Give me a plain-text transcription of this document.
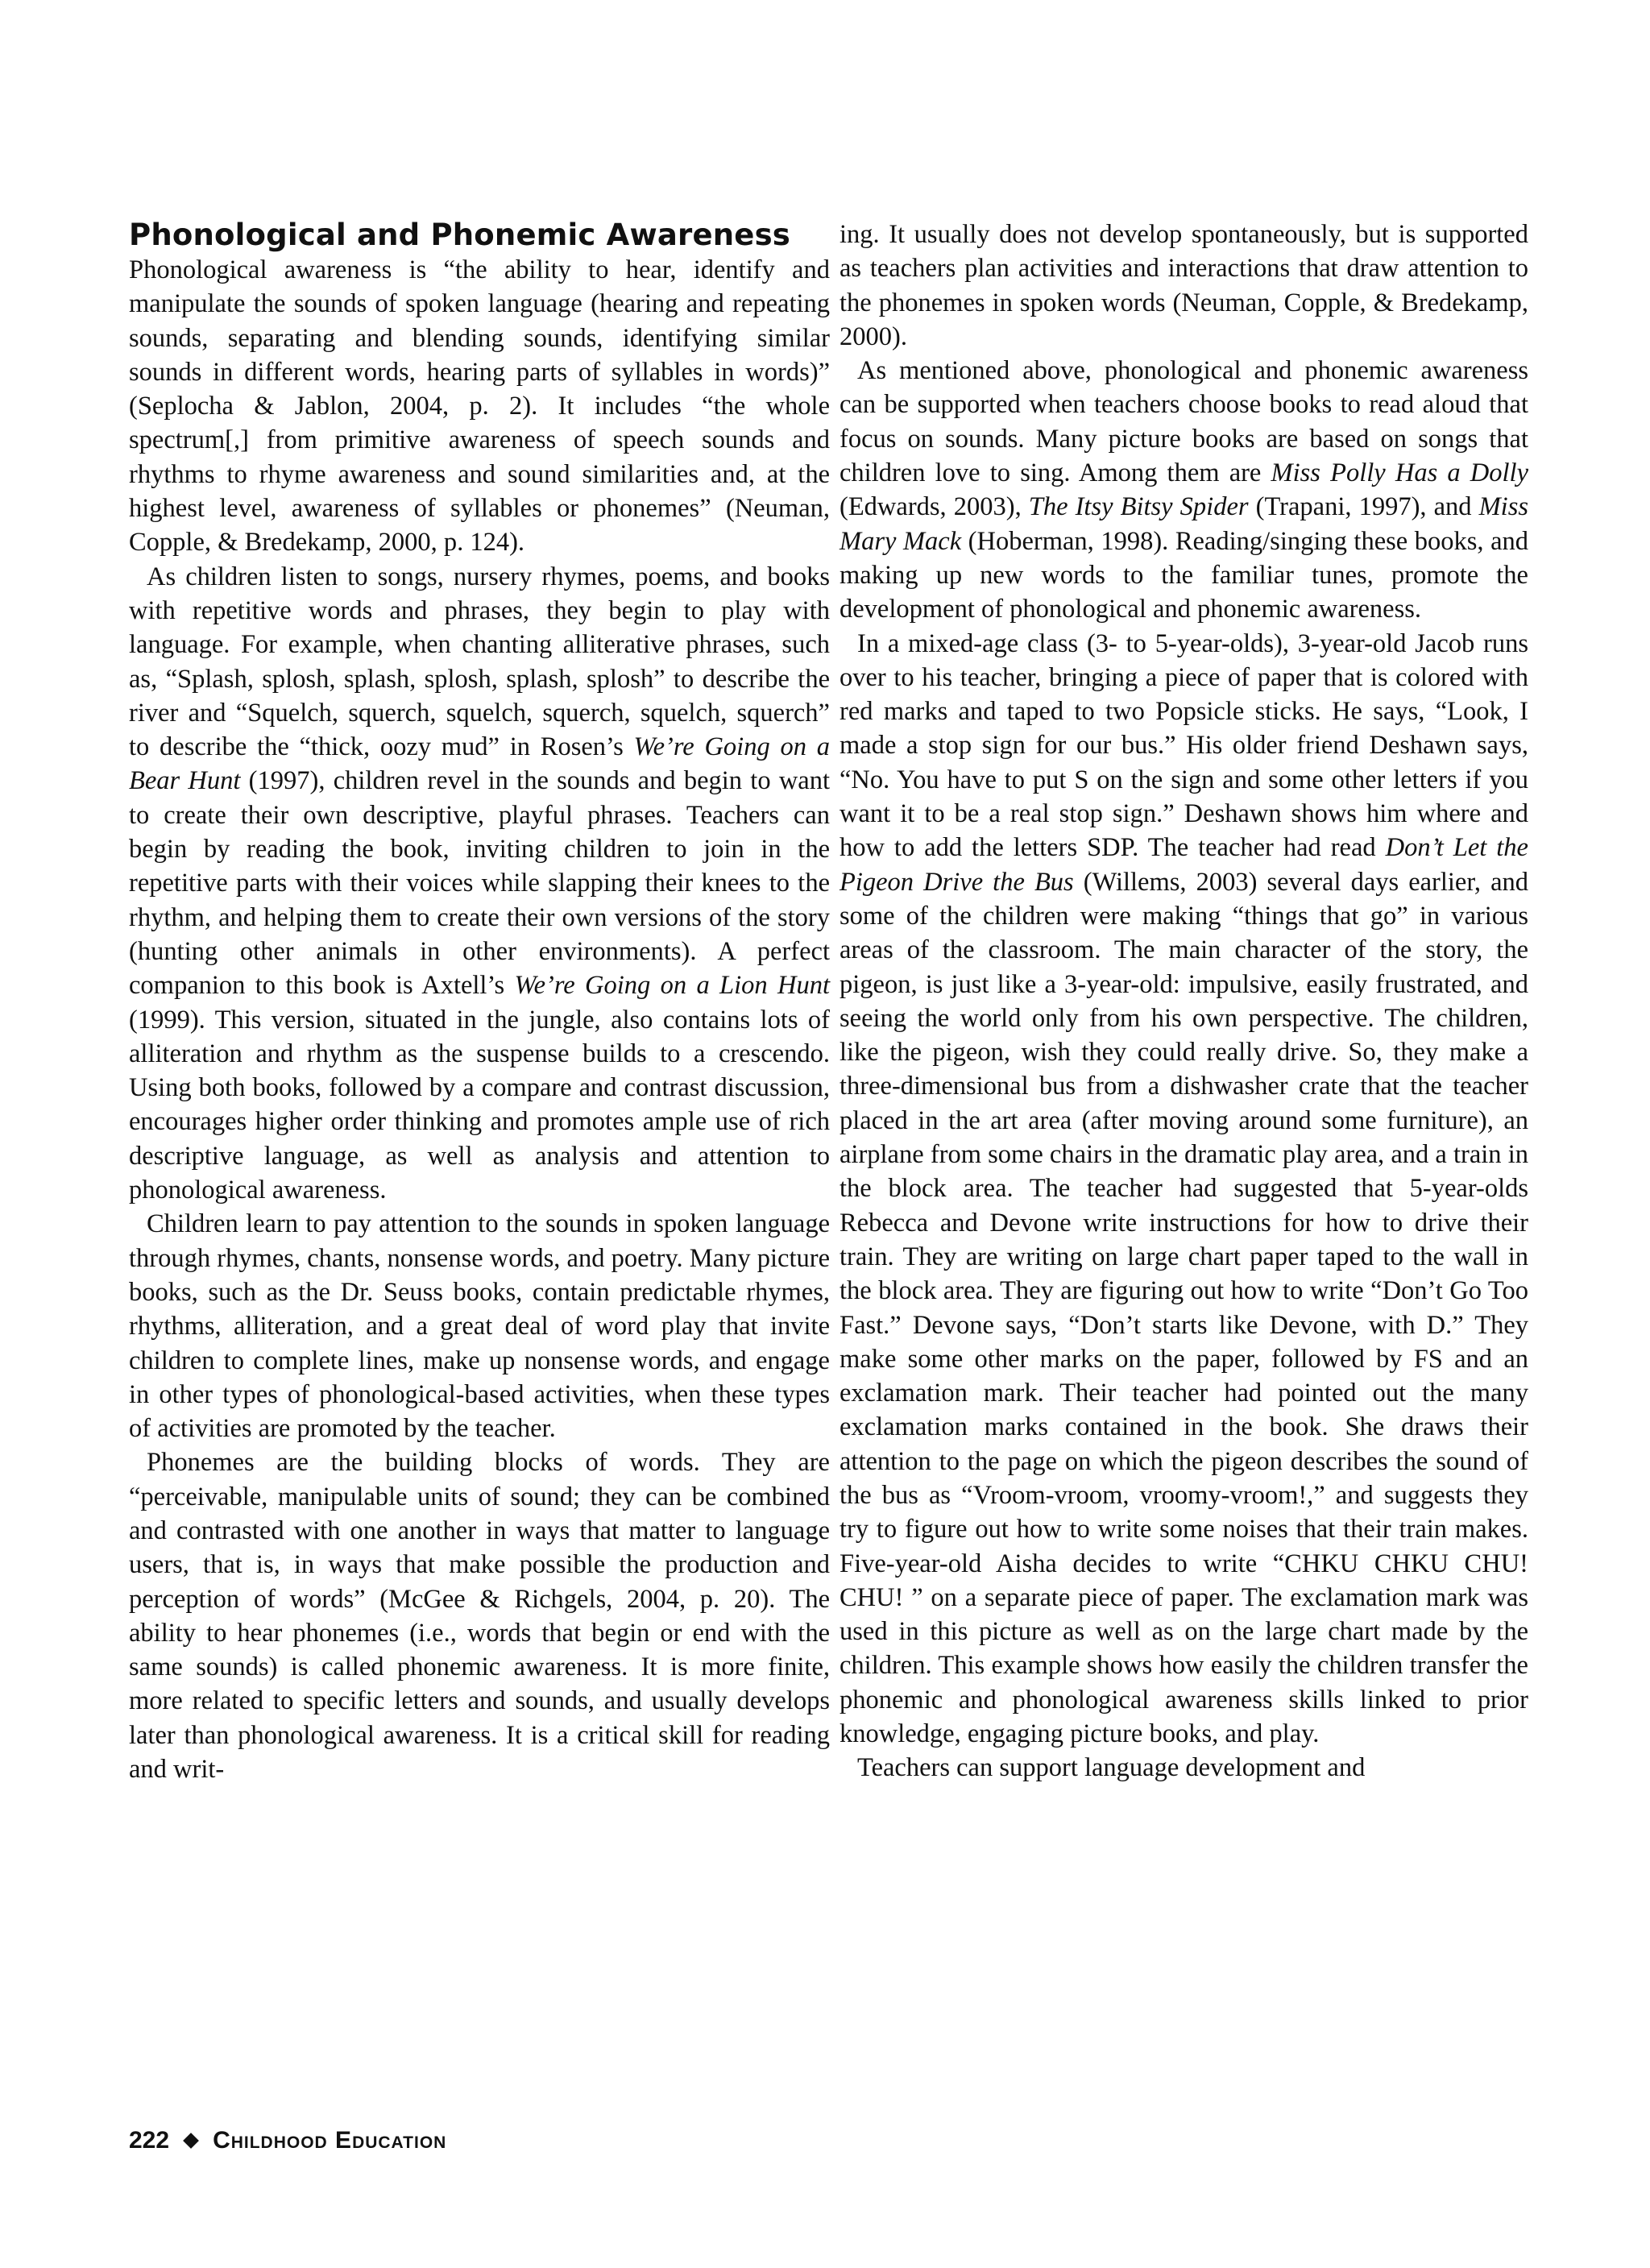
Phonological and Phonemic Awareness

Phonological awareness is “the ability to hear, identify and manipulate the sounds of spoken language (hearing and repeating sounds, separating and blending sounds, identifying similar sounds in different words, hearing parts of syllables in words)” (Seplocha & Jablon, 2004, p. 2). It includes “the whole spectrum[,] from primitive awareness of speech sounds and rhythms to rhyme awareness and sound similarities and, at the highest level, awareness of syllables or phonemes” (Neuman, Copple, & Bredekamp, 2000, p. 124).

As children listen to songs, nursery rhymes, poems, and books with repetitive words and phrases, they begin to play with language. For example, when chanting alliterative phrases, such as, “Splash, splosh, splash, splosh, splash, splosh” to describe the river and “Squelch, squerch, squelch, squerch, squelch, squerch” to describe the “thick, oozy mud” in Rosen’s We’re Going on a Bear Hunt (1997), children revel in the sounds and begin to want to create their own descriptive, playful phrases. Teachers can begin by reading the book, inviting children to join in the repetitive parts with their voices while slapping their knees to the rhythm, and helping them to create their own versions of the story (hunting other animals in other environments). A perfect companion to this book is Axtell’s We’re Going on a Lion Hunt (1999). This version, situated in the jungle, also contains lots of alliteration and rhythm as the suspense builds to a crescendo. Using both books, followed by a compare and contrast discussion, encourages higher order thinking and promotes ample use of rich descriptive language, as well as analysis and attention to phonological awareness.

Children learn to pay attention to the sounds in spoken language through rhymes, chants, nonsense words, and poetry. Many picture books, such as the Dr. Seuss books, contain predictable rhymes, rhythms, alliteration, and a great deal of word play that invite children to complete lines, make up nonsense words, and engage in other types of phonological-based activities, when these types of activities are promoted by the teacher.

Phonemes are the building blocks of words. They are “perceivable, manipulable units of sound; they can be combined and contrasted with one another in ways that matter to language users, that is, in ways that make possible the production and perception of words” (McGee & Richgels, 2004, p. 20). The ability to hear phonemes (i.e., words that begin or end with the same sounds) is called phonemic awareness. It is more finite, more related to specific letters and sounds, and usually develops later than phonological awareness. It is a critical skill for reading and writ-

ing. It usually does not develop spontaneously, but is supported as teachers plan activities and interactions that draw attention to the phonemes in spoken words (Neuman, Copple, & Bredekamp, 2000).

As mentioned above, phonological and phonemic awareness can be supported when teachers choose books to read aloud that focus on sounds. Many picture books are based on songs that children love to sing. Among them are Miss Polly Has a Dolly (Edwards, 2003), The Itsy Bitsy Spider (Trapani, 1997), and Miss Mary Mack (Hoberman, 1998). Reading/singing these books, and making up new words to the familiar tunes, promote the development of phonological and phonemic awareness.

In a mixed-age class (3- to 5-year-olds), 3-year-old Jacob runs over to his teacher, bringing a piece of paper that is colored with red marks and taped to two Popsicle sticks. He says, “Look, I made a stop sign for our bus.” His older friend Deshawn says, “No. You have to put S on the sign and some other letters if you want it to be a real stop sign.” Deshawn shows him where and how to add the letters SDP. The teacher had read Don’t Let the Pigeon Drive the Bus (Willems, 2003) several days earlier, and some of the children were making “things that go” in various areas of the classroom. The main character of the story, the pigeon, is just like a 3-year-old: impulsive, easily frustrated, and seeing the world only from his own perspective. The children, like the pigeon, wish they could really drive. So, they make a three-dimensional bus from a dishwasher crate that the teacher placed in the art area (after moving around some furniture), an airplane from some chairs in the dramatic play area, and a train in the block area. The teacher had suggested that 5-year-olds Rebecca and Devone write instructions for how to drive their train. They are writing on large chart paper taped to the wall in the block area. They are figuring out how to write “Don’t Go Too Fast.” Devone says, “Don’t starts like Devone, with D.” They make some other marks on the paper, followed by FS and an exclamation mark. Their teacher had pointed out the many exclamation marks contained in the book. She draws their attention to the page on which the pigeon describes the sound of the bus as “Vroom-vroom, vroomy-vroom!,” and suggests they try to figure out how to write some noises that their train makes. Five-year-old Aisha decides to write “CHKU CHKU CHU! CHU! ” on a separate piece of paper. The exclamation mark was used in this picture as well as on the large chart made by the children. This example shows how easily the children transfer the phonemic and phonological awareness skills linked to prior knowledge, engaging picture books, and play.

Teachers can support language development and

222 Childhood Education
